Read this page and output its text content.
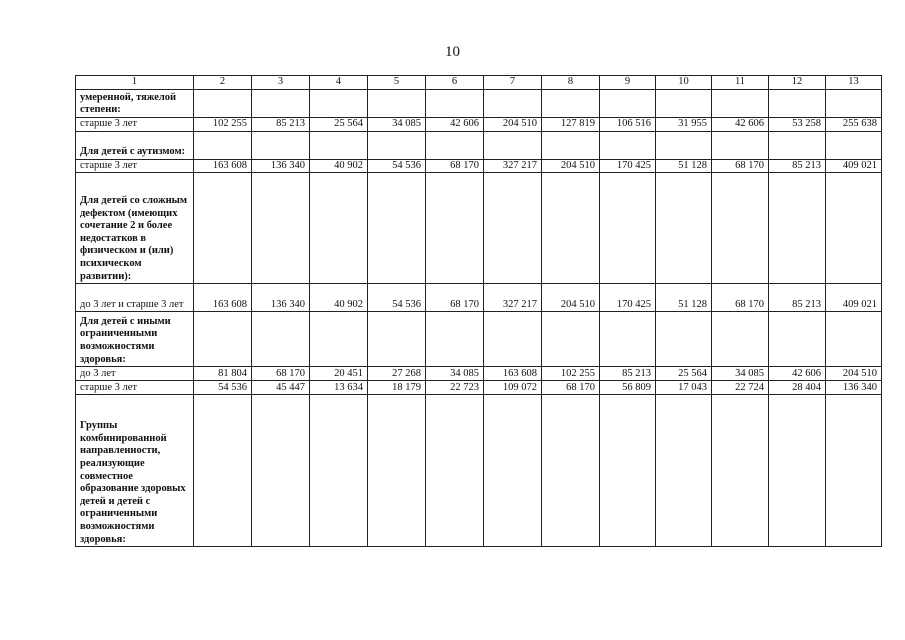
10
1	2	3	4	5	6	7	8	9	10	11	12	13
умеренной, тяжелой степени:												
старше 3 лет	102 255	85 213	25 564	34 085	42 606	204 510	127 819	106 516	31 955	42 606	53 258	255 638
Для детей с аутизмом:												
старше 3 лет	163 608	136 340	40 902	54 536	68 170	327 217	204 510	170 425	51 128	68 170	85 213	409 021
Для детей со сложным дефектом (имеющих сочетание 2 и более недостатков в физическом и (или) психическом развитии):												
до 3 лет и старше 3 лет	163 608	136 340	40 902	54 536	68 170	327 217	204 510	170 425	51 128	68 170	85 213	409 021
Для детей с иными ограниченными возможностями здоровья:												
до 3 лет	81 804	68 170	20 451	27 268	34 085	163 608	102 255	85 213	25 564	34 085	42 606	204 510
старше 3 лет	54 536	45 447	13 634	18 179	22 723	109 072	68 170	56 809	17 043	22 724	28 404	136 340
Группы комбинированной направленности, реализующие совместное образование здоровых детей и детей с ограниченными возможностями здоровья:												
